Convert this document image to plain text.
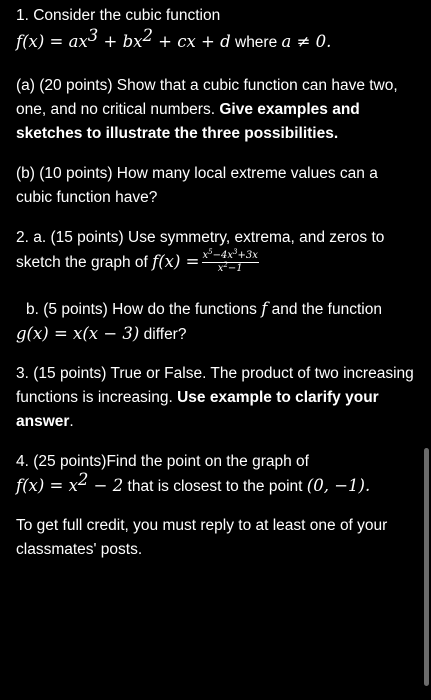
1. Consider the cubic function

$f(x) = ax^3 + bx^2$ + cx + d where a ≠ 0.

(a) (20 points) Show that a cubic function can have two, one, and no critical numbers. Give examples and sketches to illustrate the three possibilities.

(b) (10 points) How many local extreme values can a cubic function have?

2. a. (15 points) Use symmetry, extrema, and zeros to sketch the graph of $f(x) = \frac{x^5-4x^3+3x}{x^2-1}$

b. (5 points) How do the functions f and the function
g(x) = x(x − 3) differ?

3. (15 points) True or False. The product of two increasing functions is increasing. Use example to clarify your answer.

4. (25 points)Find the point on the graph of
$f(x) = x^2 - 2$ that is closest to the point (0, −1).

To get full credit, you must reply to at least one of your classmates' posts.
